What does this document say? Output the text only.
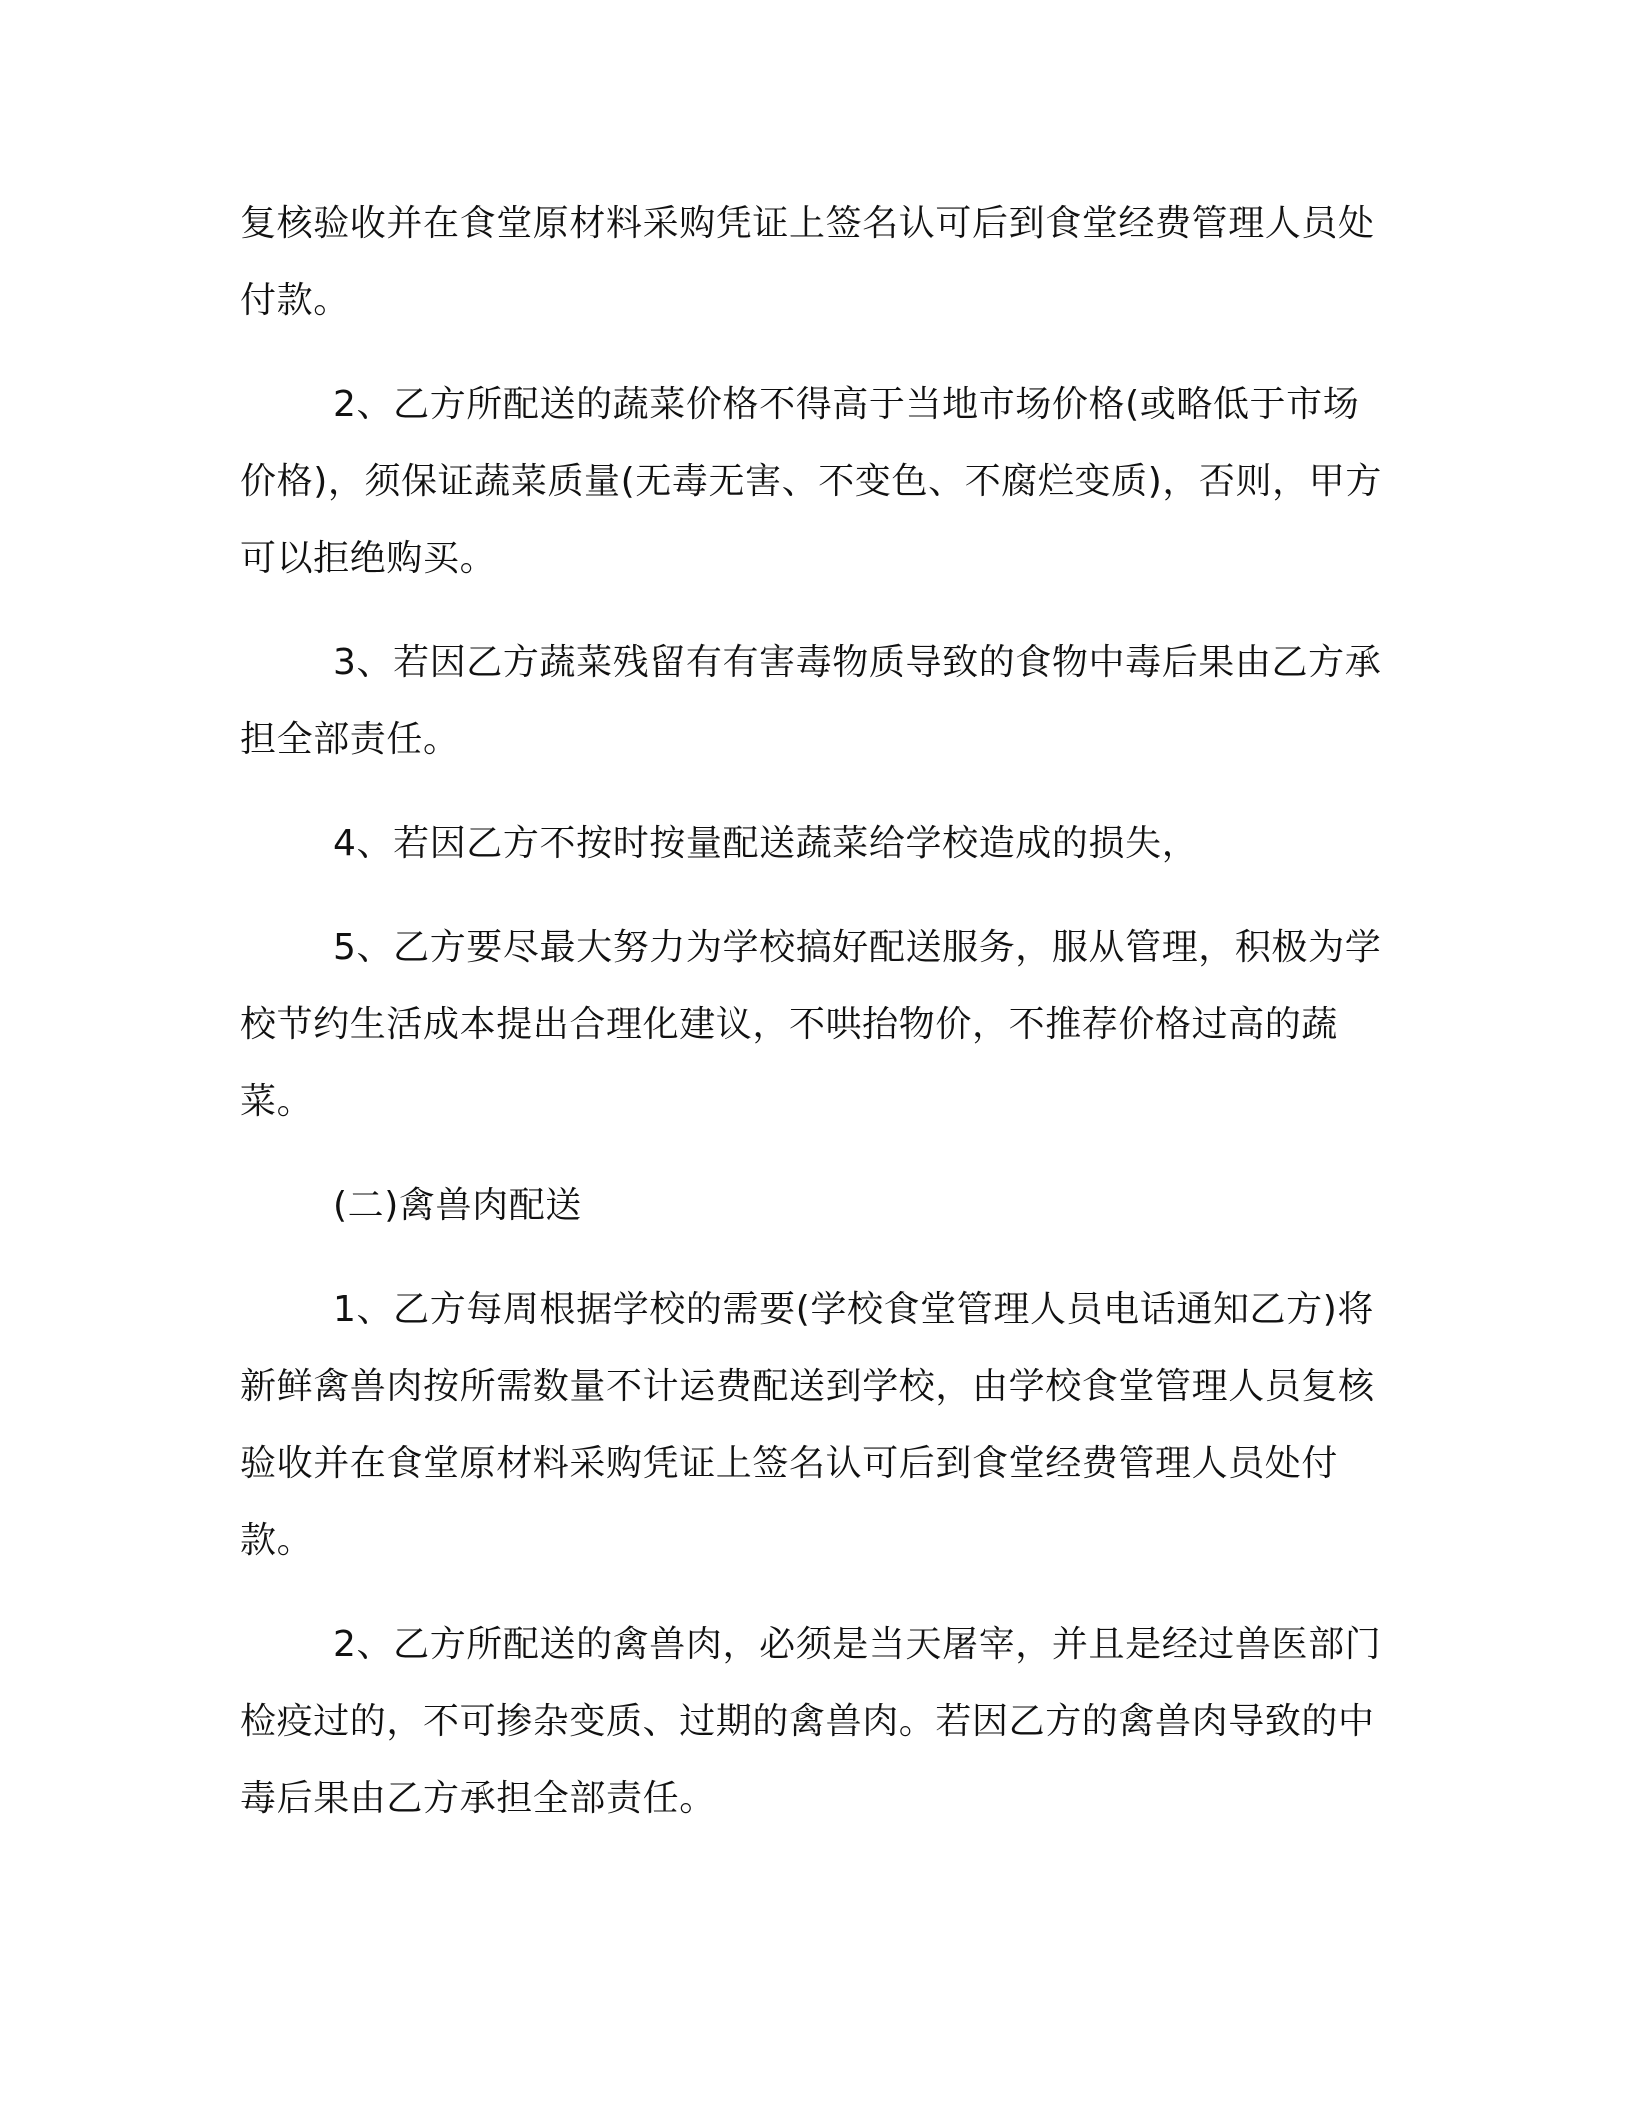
复核验收并在食堂原材料采购凭证上签名认可后到食堂经费管理人员处付款。

2、乙方所配送的蔬菜价格不得高于当地市场价格(或略低于市场价格)，须保证蔬菜质量(无毒无害、不变色、不腐烂变质)，否则，甲方可以拒绝购买。

3、若因乙方蔬菜残留有有害毒物质导致的食物中毒后果由乙方承担全部责任。

4、若因乙方不按时按量配送蔬菜给学校造成的损失，

5、乙方要尽最大努力为学校搞好配送服务，服从管理，积极为学校节约生活成本提出合理化建议，不哄抬物价，不推荐价格过高的蔬菜。

(二)禽兽肉配送

1、乙方每周根据学校的需要(学校食堂管理人员电话通知乙方)将新鲜禽兽肉按所需数量不计运费配送到学校，由学校食堂管理人员复核验收并在食堂原材料采购凭证上签名认可后到食堂经费管理人员处付款。

2、乙方所配送的禽兽肉，必须是当天屠宰，并且是经过兽医部门检疫过的，不可掺杂变质、过期的禽兽肉。若因乙方的禽兽肉导致的中毒后果由乙方承担全部责任。
